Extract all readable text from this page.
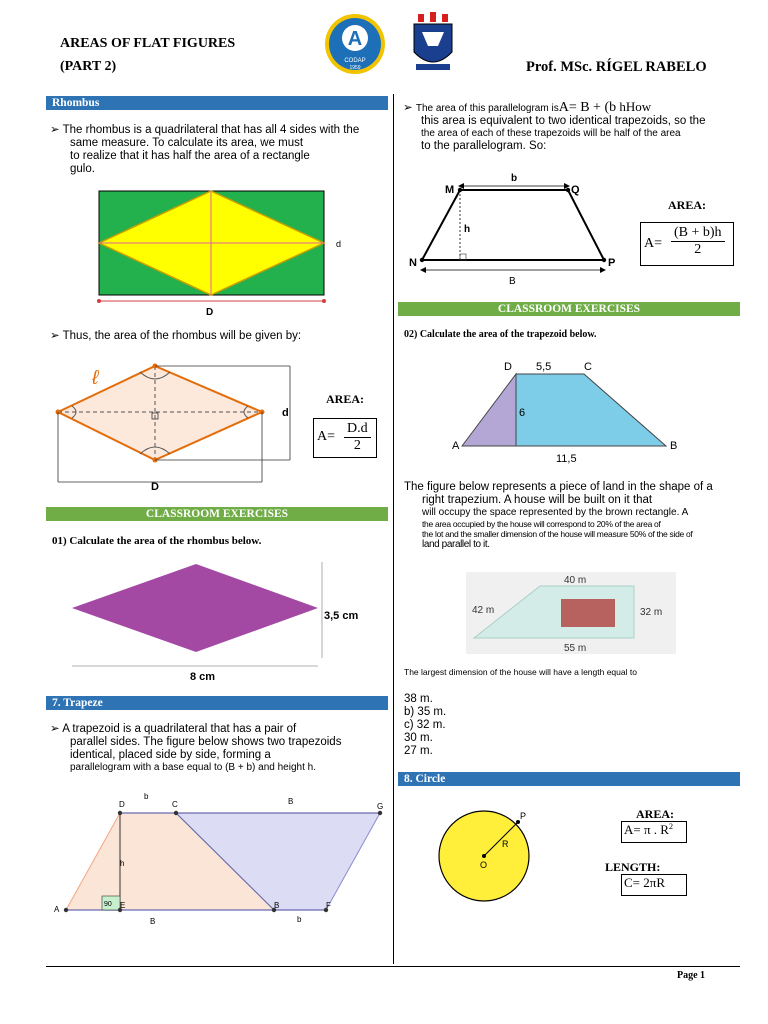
AREAS OF FLAT FIGURES
(PART 2)	Prof. MSc. RÍGEL RABELO
A
CODAP
1959
Rhombus
➢ The rhombus is a quadrilateral that has all 4 sides with the
same measure. To calculate its area, we must
to realize that it has half the area of a rectangle
gulo.
d
D
➢ Thus, the area of the rhombus will be given by:
ℓ
d
D
AREA:
$A= \frac{D.d}{2}$
CLASSROOM EXERCISES
01) Calculate the area of the rhombus below.
3,5 cm
8 cm
7. Trapeze
➢ A trapezoid is a quadrilateral that has a pair of
parallel sides. The figure below shows two trapezoids
identical, placed side by side, forming a
parallelogram with a base equal to (B + b) and height h.
90
D	C	G
A	E	B	F
b
B
h
B	b
➢ The area of this parallelogram isA= B + (b hHow
this area is equivalent to two identical trapezoids, so the
the area of each of these trapezoids will be half of the area
to the parallelogram. So:
M	Q
N	P
b
h
B
AREA:
$A= \frac{(B + b)h}{2}$
CLASSROOM EXERCISES
02) Calculate the area of the trapezoid below.
D	C
A	B
5,5
6
11,5
The figure below represents a piece of land in the shape of a
right trapezium. A house will be built on it that
will occupy the space represented by the brown rectangle. A
the area occupied by the house will correspond to 20% of the area of
the lot and the smaller dimension of the house will measure 50% of the side of
land parallel to it.
40 m
42 m	32 m
55 m
The largest dimension of the house will have a length equal to
38 m.
b) 35 m.
c) 32 m.
30 m.
27 m.
8. Circle
P
R
O
AREA:
A= π . $R^2$
LENGTH:
C= 2πR
Page 1
